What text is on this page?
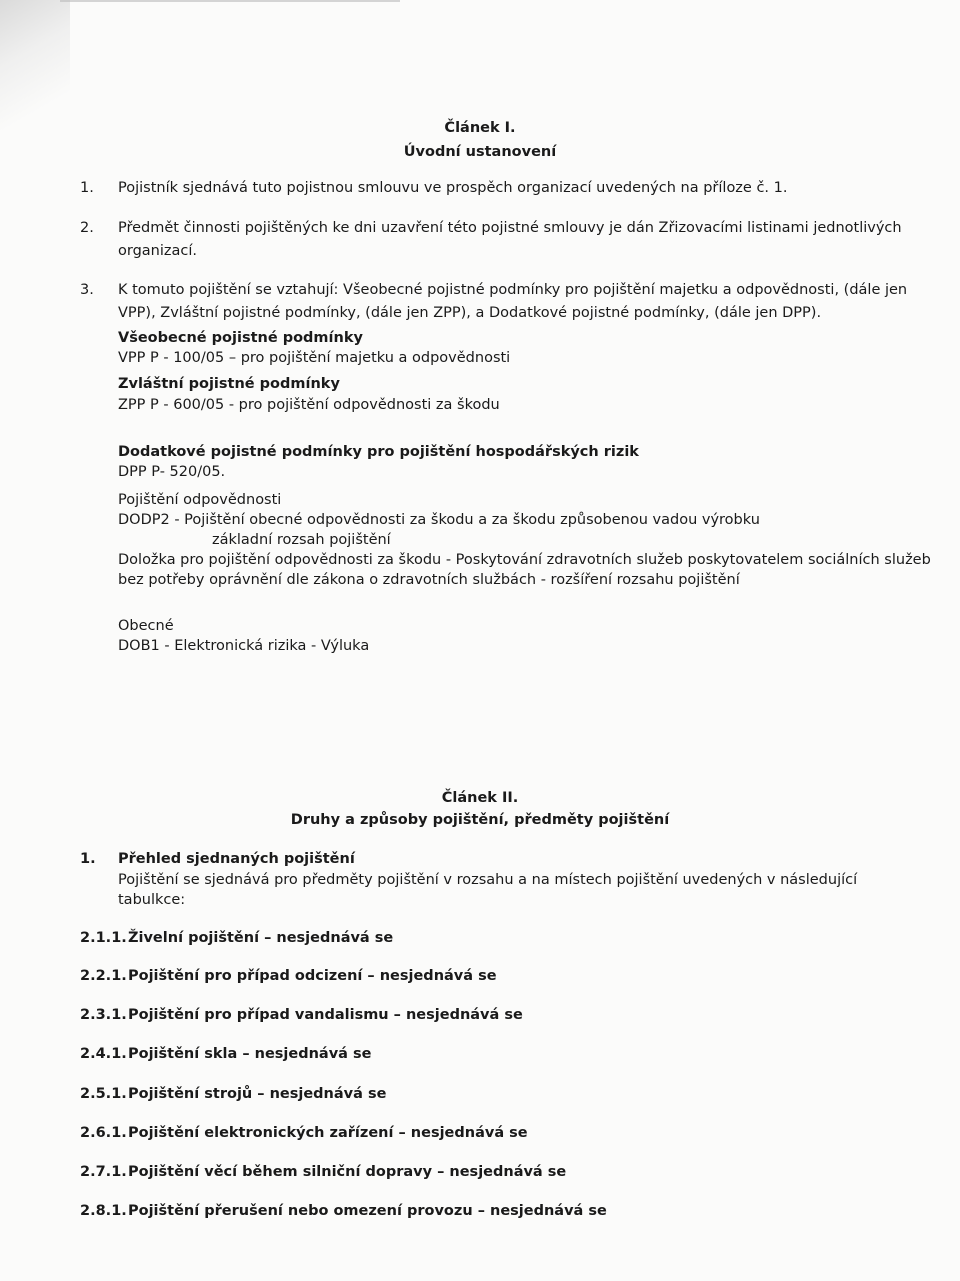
Článek I.
Úvodní ustanovení
1. Pojistník sjednává tuto pojistnou smlouvu ve prospěch organizací uvedených na příloze č. 1.
2. Předmět činnosti pojištěných ke dni uzavření této pojistné smlouvy je dán Zřizovacími listinami jednotlivých
organizací.
3. K tomuto pojištění se vztahují: Všeobecné pojistné podmínky pro pojištění majetku a odpovědnosti, (dále jen
VPP), Zvláštní pojistné podmínky, (dále jen ZPP), a Dodatkové pojistné podmínky, (dále jen DPP).
Všeobecné pojistné podmínky
VPP P - 100/05 – pro pojištění majetku a odpovědnosti
Zvláštní pojistné podmínky
ZPP P - 600/05 - pro pojištění odpovědnosti za škodu
Dodatkové pojistné podmínky pro pojištění hospodářských rizik
DPP P- 520/05.
Pojištění odpovědnosti
DODP2 - Pojištění obecné odpovědnosti za škodu a za škodu způsobenou vadou výrobku
základní rozsah pojištění
Doložka pro pojištění odpovědnosti za škodu - Poskytování zdravotních služeb poskytovatelem sociálních služeb
bez potřeby oprávnění dle zákona o zdravotních službách - rozšíření rozsahu pojištění
Obecné
DOB1 - Elektronická rizika - Výluka
Článek II.
Druhy a způsoby pojištění, předměty pojištění
1. Přehled sjednaných pojištění
Pojištění se sjednává pro předměty pojištění v rozsahu a na místech pojištění uvedených v následující
tabulkce:
2.1.1. Živelní pojištění – nesjednává se
2.2.1. Pojištění pro případ odcizení – nesjednává se
2.3.1. Pojištění pro případ vandalismu – nesjednává se
2.4.1. Pojištění skla – nesjednává se
2.5.1. Pojištění strojů – nesjednává se
2.6.1. Pojištění elektronických zařízení – nesjednává se
2.7.1. Pojištění věcí během silniční dopravy – nesjednává se
2.8.1. Pojištění přerušení nebo omezení provozu – nesjednává se
